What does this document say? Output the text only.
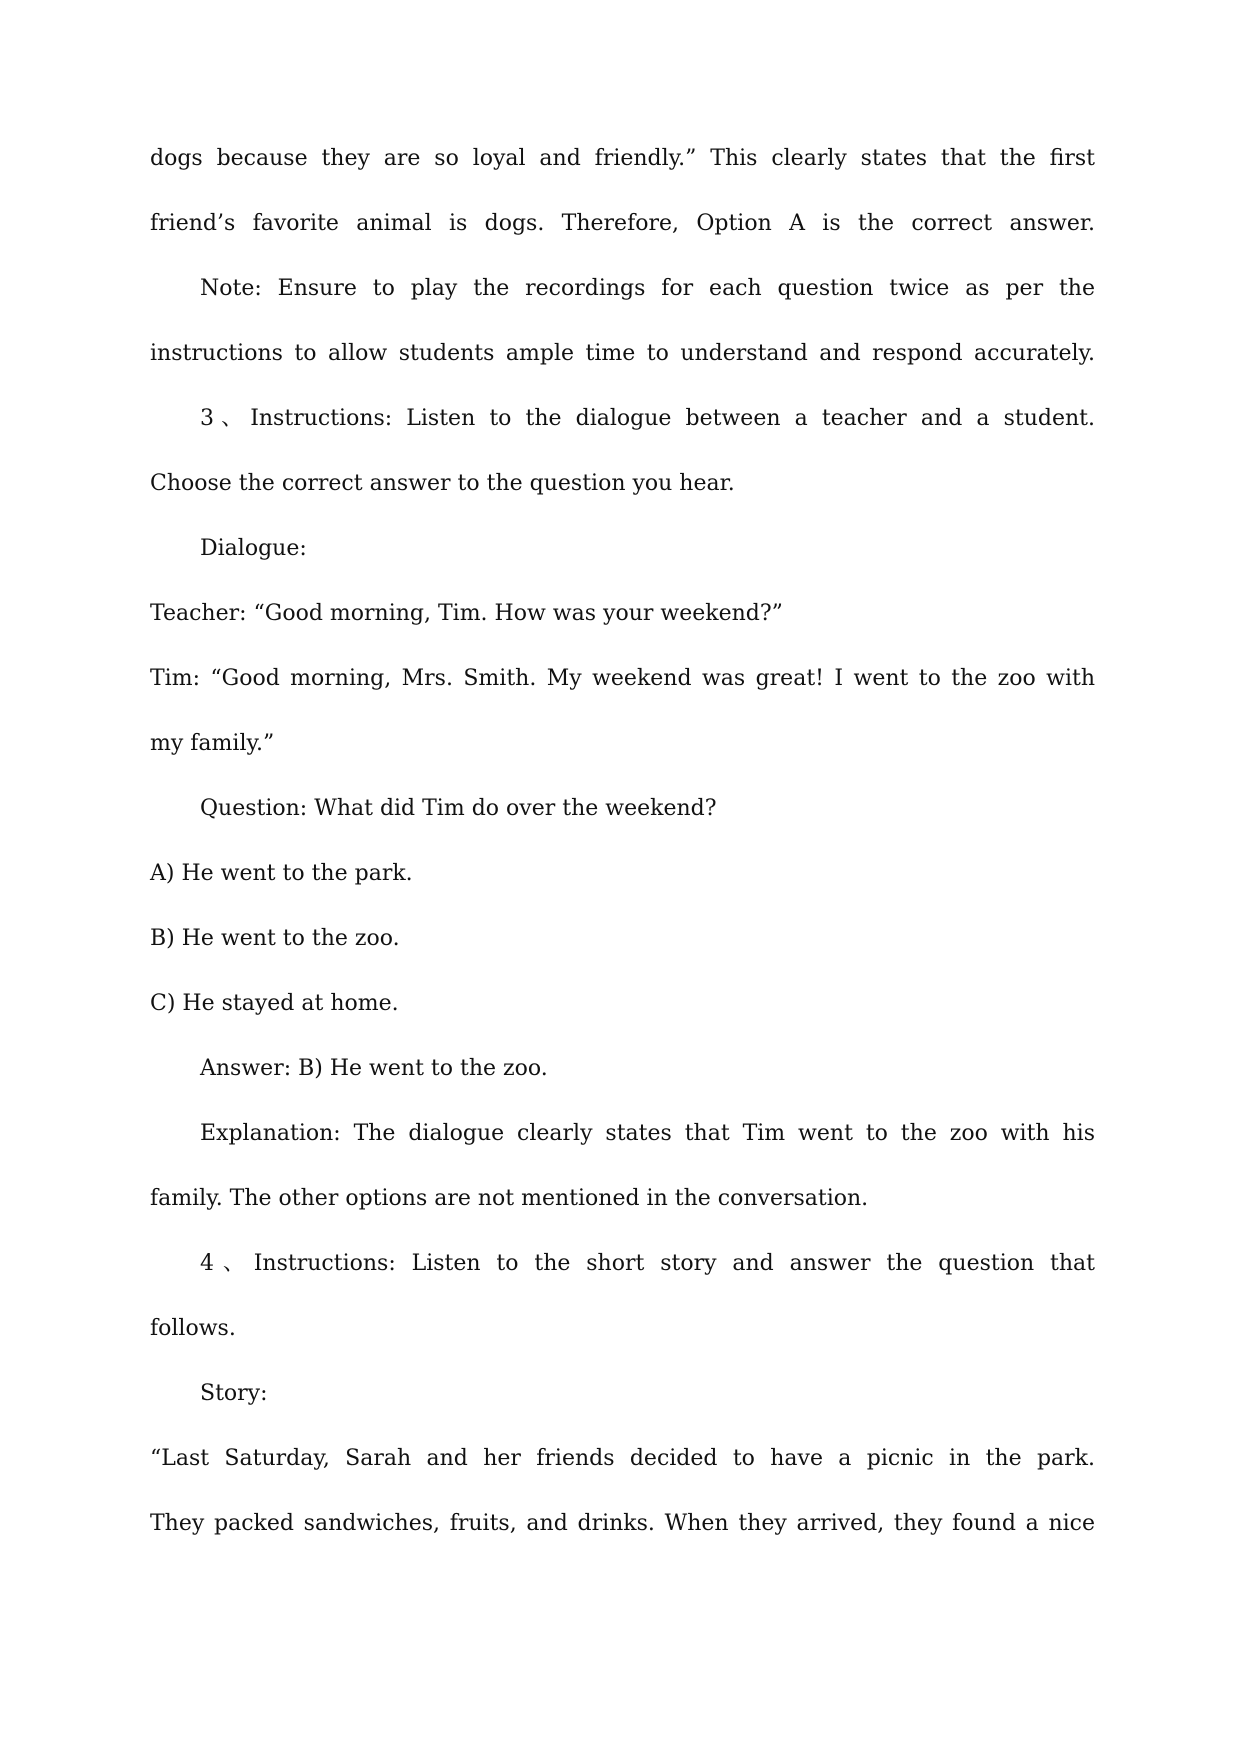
dogs because they are so loyal and friendly.” This clearly states that the first
friend’s favorite animal is dogs. Therefore, Option A is the correct answer.
Note: Ensure to play the recordings for each question twice as per the
instructions to allow students ample time to understand and respond accurately.
3、Instructions: Listen to the dialogue between a teacher and a student.
Choose the correct answer to the question you hear.
Dialogue:
Teacher: “Good morning, Tim. How was your weekend?”
Tim: “Good morning, Mrs. Smith. My weekend was great! I went to the zoo with
my family.”
Question: What did Tim do over the weekend?
A) He went to the park.
B) He went to the zoo.
C) He stayed at home.
Answer: B) He went to the zoo.
Explanation: The dialogue clearly states that Tim went to the zoo with his
family. The other options are not mentioned in the conversation.
4、Instructions: Listen to the short story and answer the question that
follows.
Story:
“Last Saturday, Sarah and her friends decided to have a picnic in the park.
They packed sandwiches, fruits, and drinks. When they arrived, they found a nice
